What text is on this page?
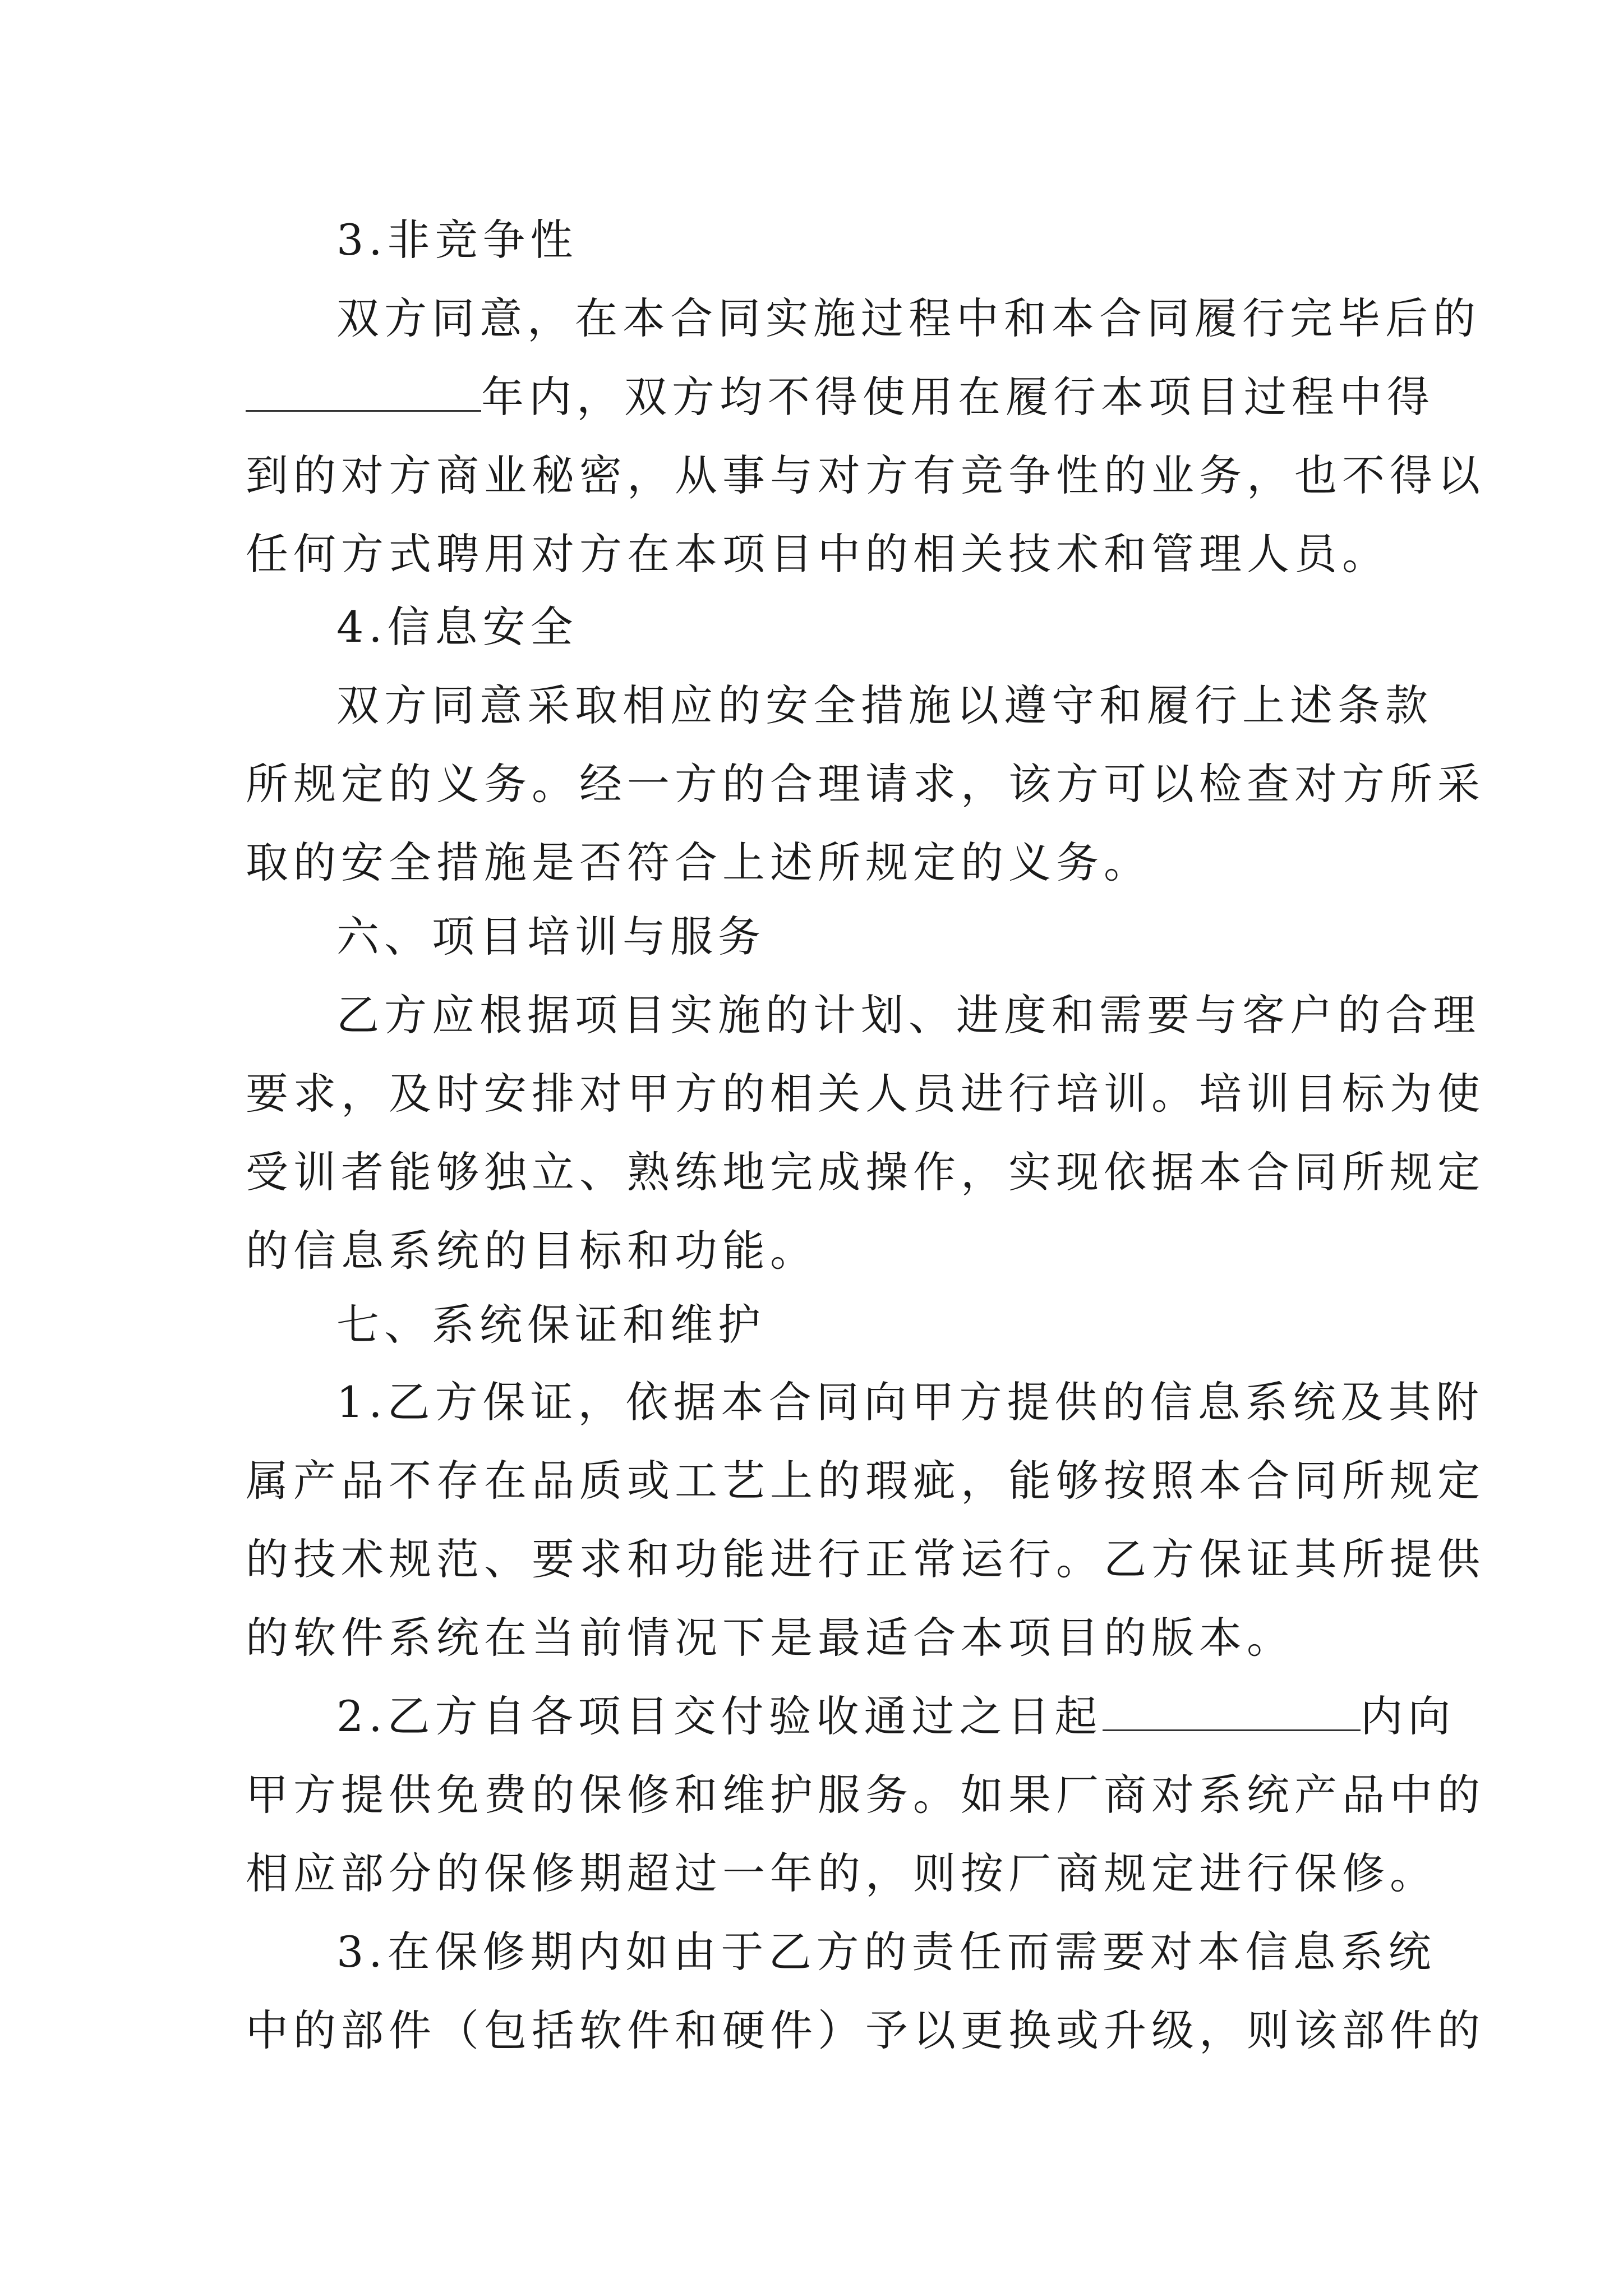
3.非竞争性
双方同意，在本合同实施过程中和本合同履行完毕后的
年内，双方均不得使用在履行本项目过程中得
到的对方商业秘密，从事与对方有竞争性的业务，也不得以
任何方式聘用对方在本项目中的相关技术和管理人员。
4.信息安全
双方同意采取相应的安全措施以遵守和履行上述条款
所规定的义务。经一方的合理请求，该方可以检查对方所采
取的安全措施是否符合上述所规定的义务。
六、项目培训与服务
乙方应根据项目实施的计划、进度和需要与客户的合理
要求，及时安排对甲方的相关人员进行培训。培训目标为使
受训者能够独立、熟练地完成操作，实现依据本合同所规定
的信息系统的目标和功能。
七、系统保证和维护
1.乙方保证，依据本合同向甲方提供的信息系统及其附
属产品不存在品质或工艺上的瑕疵，能够按照本合同所规定
的技术规范、要求和功能进行正常运行。乙方保证其所提供
的软件系统在当前情况下是最适合本项目的版本。
2.乙方自各项目交付验收通过之日起	内向
甲方提供免费的保修和维护服务。如果厂商对系统产品中的
相应部分的保修期超过一年的，则按厂商规定进行保修。
3.在保修期内如由于乙方的责任而需要对本信息系统
中的部件（包括软件和硬件）予以更换或升级，则该部件的
